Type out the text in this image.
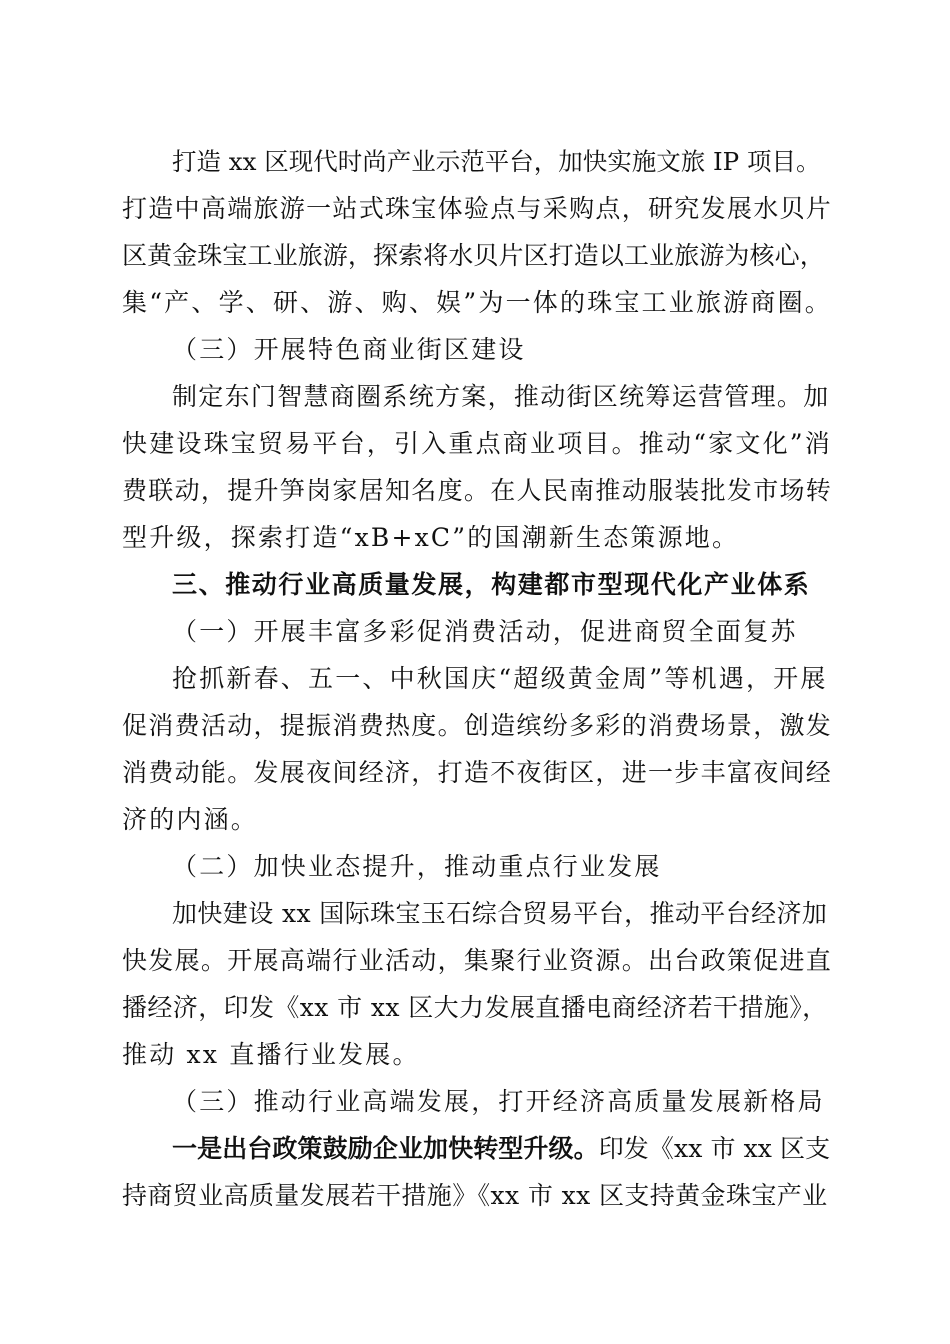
打造 xx 区现代时尚产业示范平台，加快实施文旅 IP 项目。
打造中高端旅游一站式珠宝体验点与采购点，研究发展水贝片
区黄金珠宝工业旅游，探索将水贝片区打造以工业旅游为核心，
集“产、学、研、游、购、娱”为一体的珠宝工业旅游商圈。
（三）开展特色商业街区建设
制定东门智慧商圈系统方案，推动街区统筹运营管理。加
快建设珠宝贸易平台，引入重点商业项目。推动“家文化”消
费联动，提升笋岗家居知名度。在人民南推动服装批发市场转
型升级，探索打造“xB+xC”的国潮新生态策源地。
三、推动行业高质量发展，构建都市型现代化产业体系
（一）开展丰富多彩促消费活动，促进商贸全面复苏
抢抓新春、五一、中秋国庆“超级黄金周”等机遇，开展
促消费活动，提振消费热度。创造缤纷多彩的消费场景，激发
消费动能。发展夜间经济，打造不夜街区，进一步丰富夜间经
济的内涵。
（二）加快业态提升，推动重点行业发展
加快建设 xx 国际珠宝玉石综合贸易平台，推动平台经济加
快发展。开展高端行业活动，集聚行业资源。出台政策促进直
播经济，印发《xx 市 xx 区大力发展直播电商经济若干措施》，
推动 xx 直播行业发展。
（三）推动行业高端发展，打开经济高质量发展新格局
一是出台政策鼓励企业加快转型升级。印发《xx 市 xx 区支
持商贸业高质量发展若干措施》《xx 市 xx 区支持黄金珠宝产业
